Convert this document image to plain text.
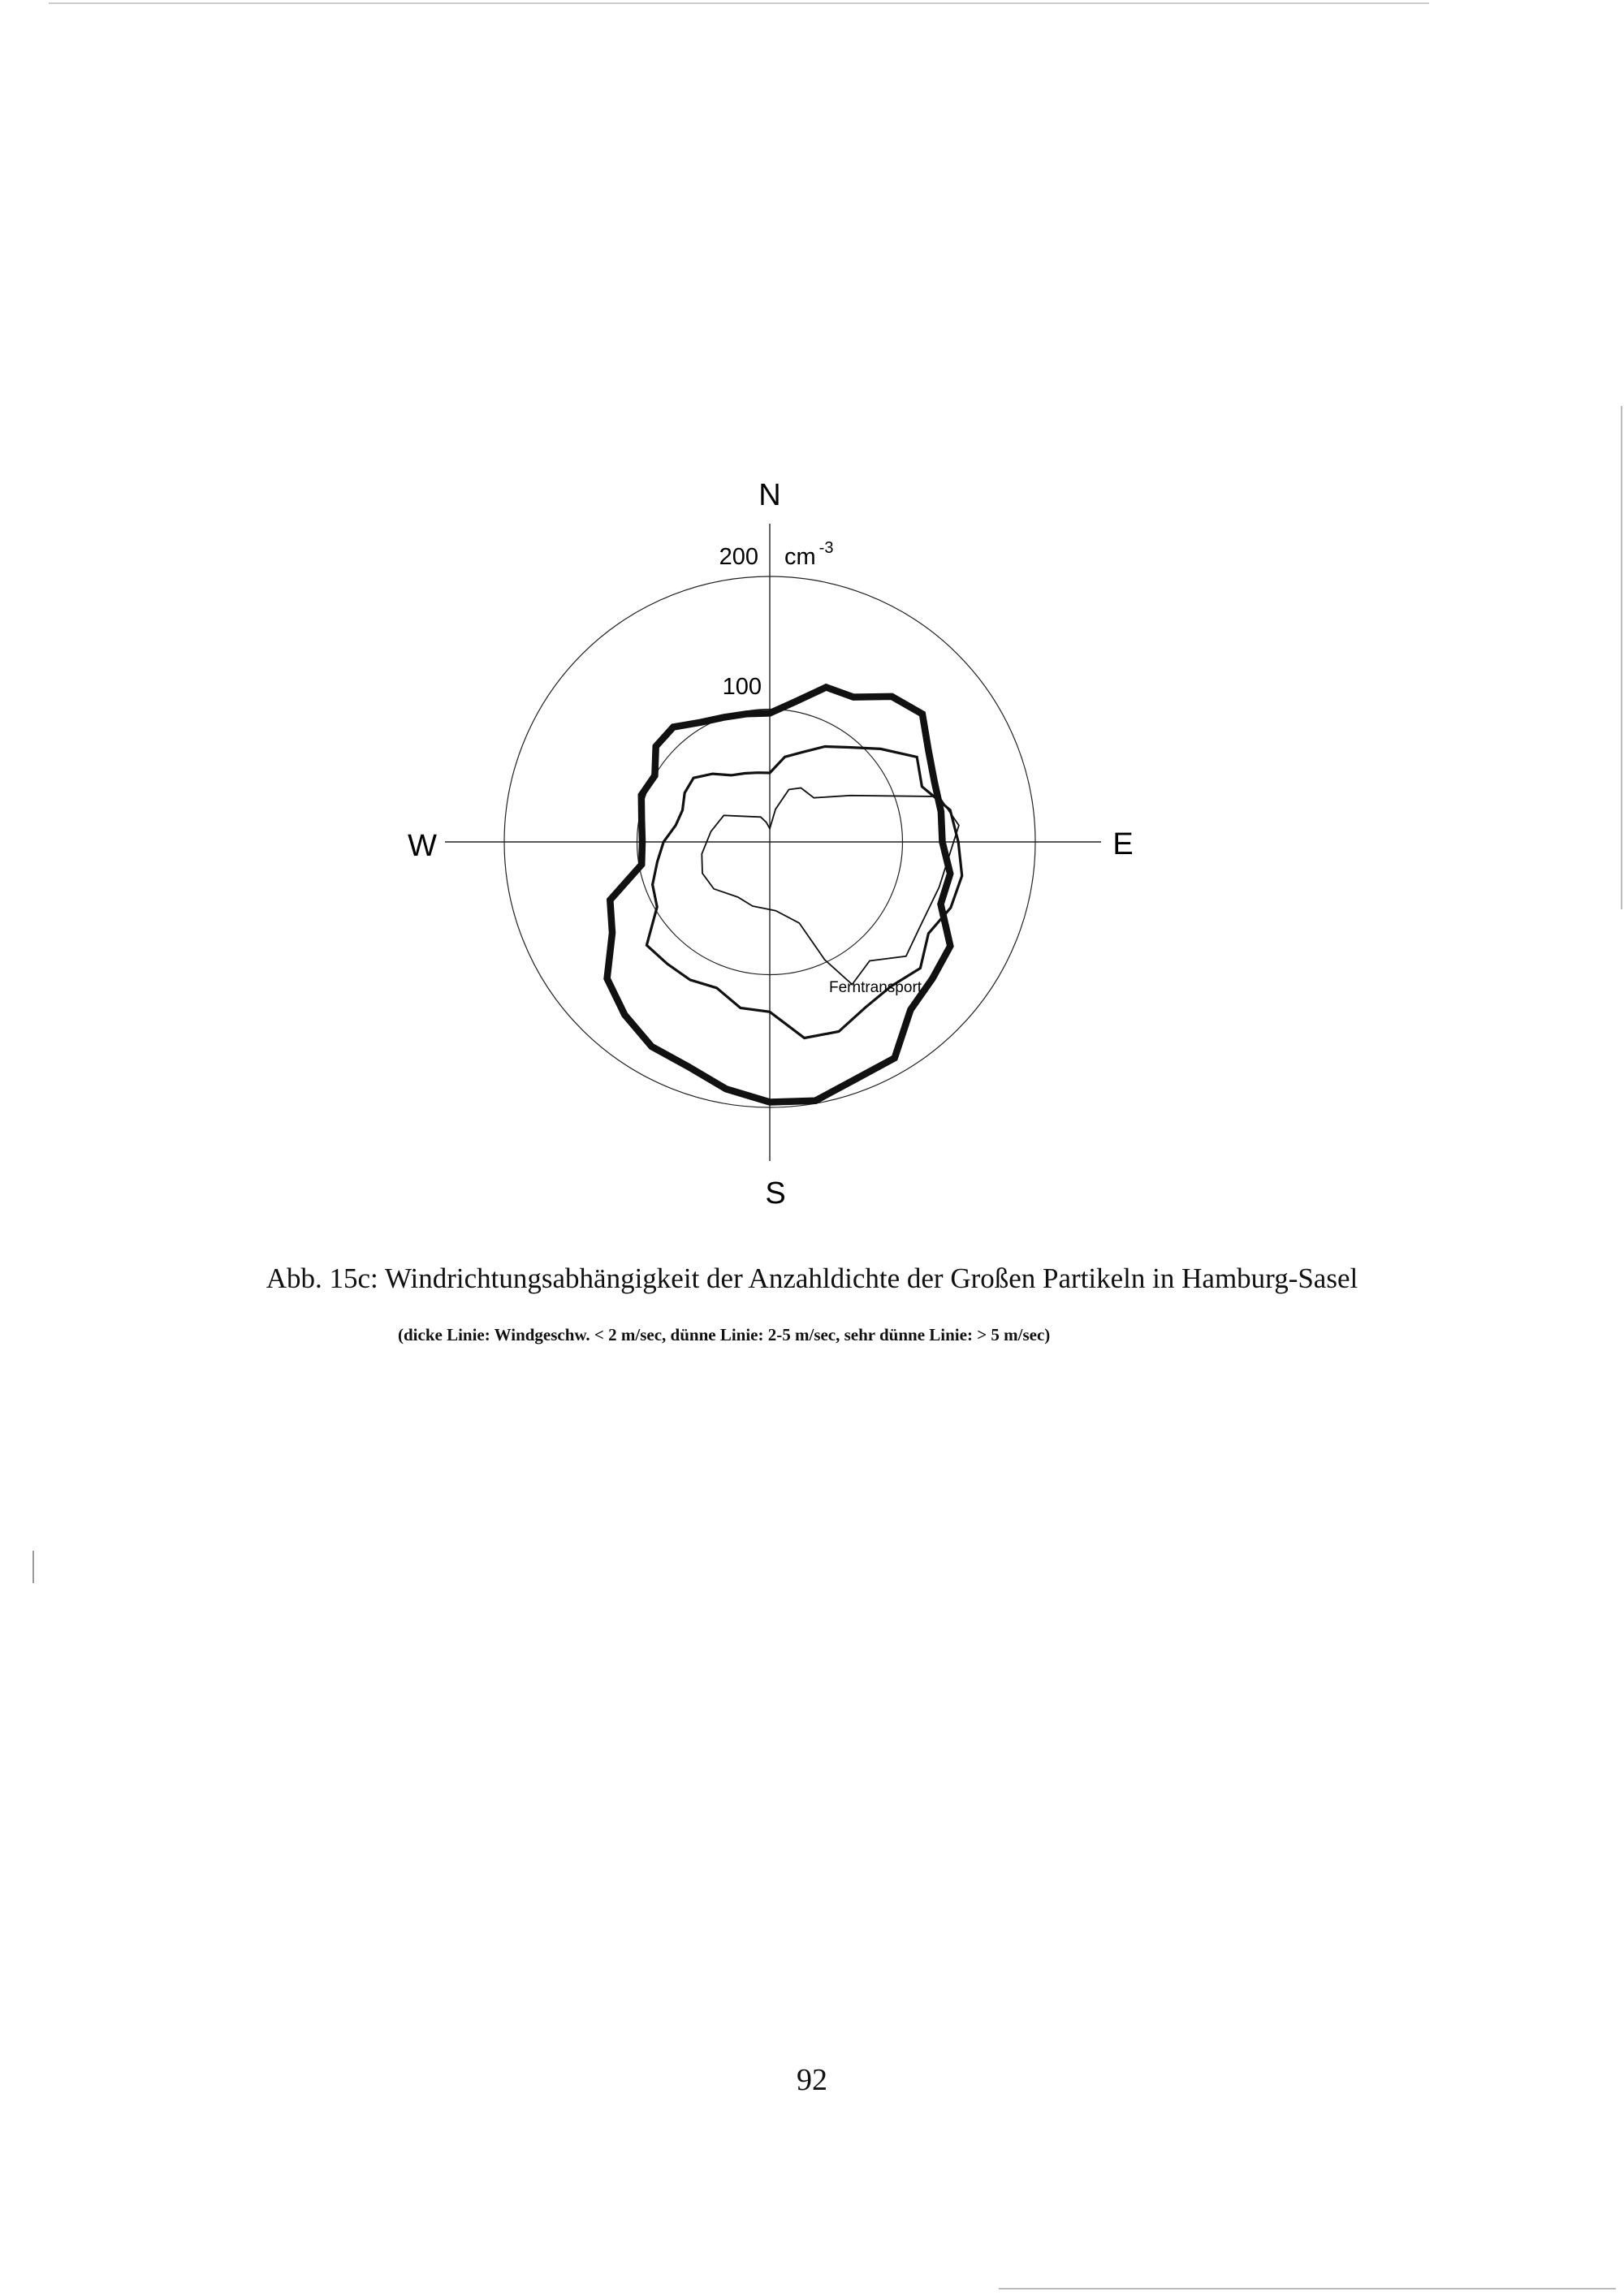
N
S
W	E
200
100
cm $^{-3}$
Ferntransport

Abb. 15c: Windrichtungsabhängigkeit der Anzahldichte der Großen Partikeln in Hamburg-Sasel

(dicke Linie: Windgeschw. < 2 m/sec, dünne Linie: 2-5 m/sec, sehr dünne Linie: > 5 m/sec)

92
